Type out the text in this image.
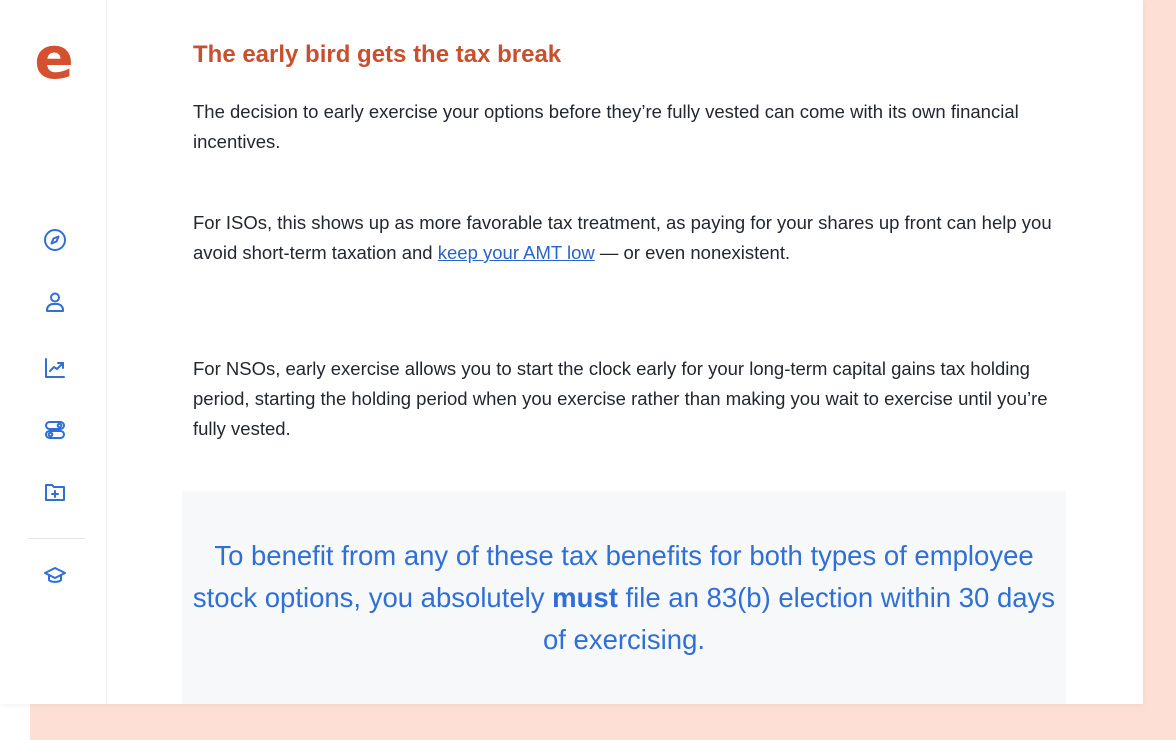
e	The early bird gets the tax break

The decision to early exercise your options before they’re fully vested can come with its own financial incentives.

For ISOs, this shows up as more favorable tax treatment, as paying for your shares up front can help you avoid short-term taxation and keep your AMT low — or even nonexistent.

For NSOs, early exercise allows you to start the clock early for your long-term capital gains tax holding period, starting the holding period when you exercise rather than making you wait to exercise until you’re fully vested.

To benefit from any of these tax benefits for both types of employee stock options, you absolutely must file an 83(b) election within 30 days of exercising.
